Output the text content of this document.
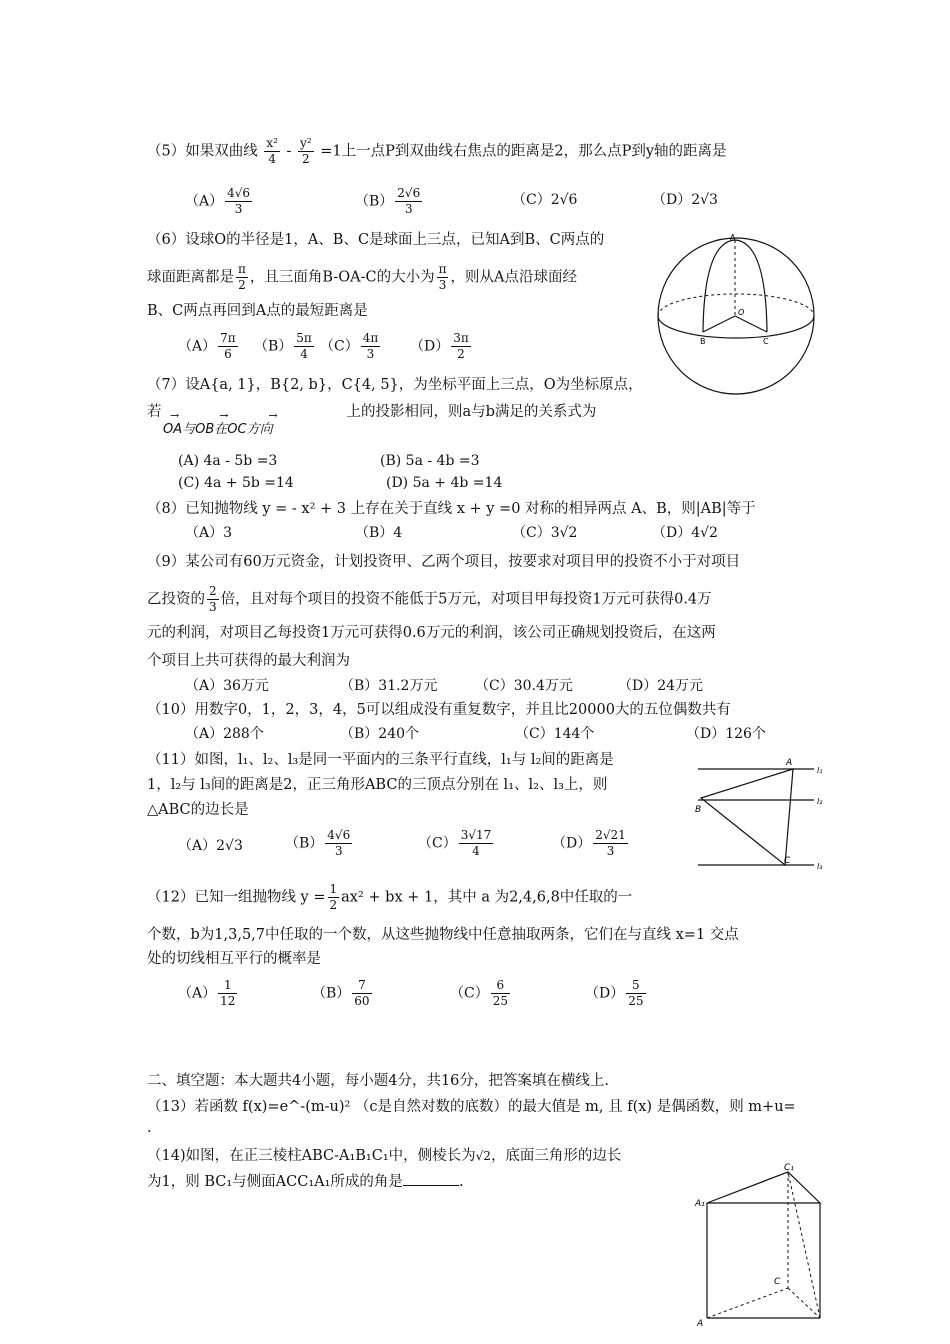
（5）如果双曲线 $\frac{\text{x²}}{4} - \frac{\text{y²}}{2} =1$上一点P到双曲线右焦点的距离是2，那么点P到y轴的距离是
$(A) \frac{4√6}{3}$	$(B) \frac{2√6}{3}$	（C）2√6	（D）2√3
（6）设球O的半径是1，A、B、C是球面上三点，已知A到B、C两点的
球面距离都是 $\frac{\pi}{2}$ ，且三面角B-OA-C的大小为 $\frac{\pi}{3}$ ，则从A点沿球面经
B、C两点再回到A点的最短距离是
$(A) \frac{7\pi}{6} (B) \frac{5\pi}{4} (C) \frac{4\pi}{3} (D) \frac{3\pi}{2}$
A
O
B	C
（7）设A{a, 1}，B{2, b}，C{4, 5}，为坐标平面上三点，O为坐标原点，
若	上的投影相同，则a与b满足的关系式为
OA与OB在OC方向
→→→
(A) 4a - 5b =3	(B) 5a - 4b =3
(C) 4a + 5b =14	(D) 5a + 4b =14
（8）已知抛物线 y = - x² + 3 上存在关于直线 x + y =0 对称的相异两点 A、B，则|AB|等于
（A）3	（B）4	（C）3√2	（D）4√2
（9）某公司有60万元资金，计划投资甲、乙两个项目，按要求对项目甲的投资不小于对项目
乙投资的 $\frac{2}{3}$ 倍，且对每个项目的投资不能低于5万元，对项目甲每投资1万元可获得0.4万
元的利润，对项目乙每投资1万元可获得0.6万元的利润，该公司正确规划投资后，在这两
个项目上共可获得的最大利润为
（A）36万元	（B）31.2万元	（C）30.4万元	（D）24万元
（10）用数字0，1，2，3，4，5可以组成没有重复数字，并且比20000大的五位偶数共有
（A）288个	（B）240个	（C）144个	（D）126个
（11）如图，l₁、l₂、l₃是同一平面内的三条平行直线，l₁与 l₂间的距离是
1，l₂与 l₃间的距离是2，正三角形ABC的三顶点分别在 l₁、l₂、l₃上，则
△ABC的边长是
（A）2√3	$(B) \frac{4√6}{3}$	$(C) \frac{3√17}{4}$	$(D) \frac{2√21}{3}$
A
B
C
l₁
l₂
l₃
（12）已知一组抛物线 $y = \frac{1}{2} ax^2$ + bx + 1，其中 a 为2,4,6,8中任取的一
个数，b为1,3,5,7中任取的一个数，从这些抛物线中任意抽取两条，它们在与直线 x=1 交点
处的切线相互平行的概率是
$(A) \frac{1}{12}$	$(B) \frac{7}{60}$	$(C) \frac{6}{25}$	$(D) \frac{5}{25}$
二、填空题：本大题共4小题，每小题4分，共16分，把答案填在横线上.
（13）若函数 f(x)=e^-(m-u)² （c是自然对数的底数）的最大值是 m, 且 f(x) 是偶函数，则 m+u=
.
（14)如图，在正三棱柱ABC-A₁B₁C₁中，侧棱长为√2，底面三角形的边长
为1，则 BC₁与侧面ACC₁A₁所成的角是	.
A₁
C₁
C
A
